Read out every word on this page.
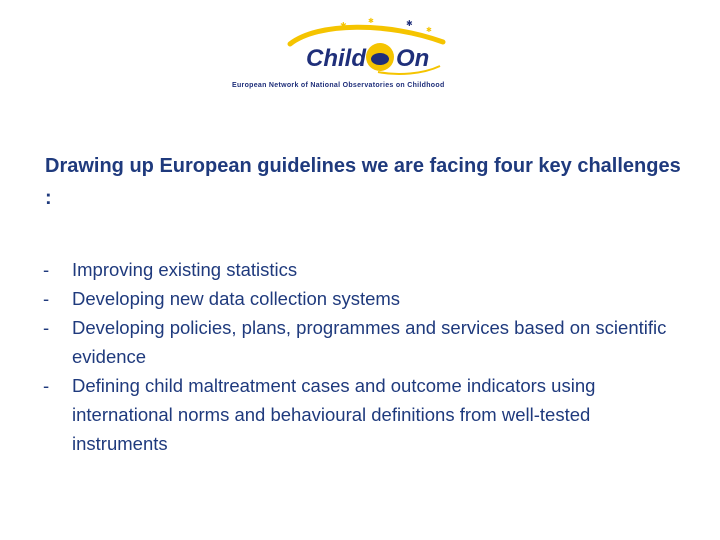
✱	✱	✱
✱
Child On
European Network of National Observatories on Childhood
Drawing up European guidelines we are facing four key challenges :
- Improving existing statistics
- Developing new data collection systems
- Developing policies, plans, programmes and services based on scientific evidence
- Defining child maltreatment cases and outcome indicators using international norms and behavioural definitions from well-tested instruments
